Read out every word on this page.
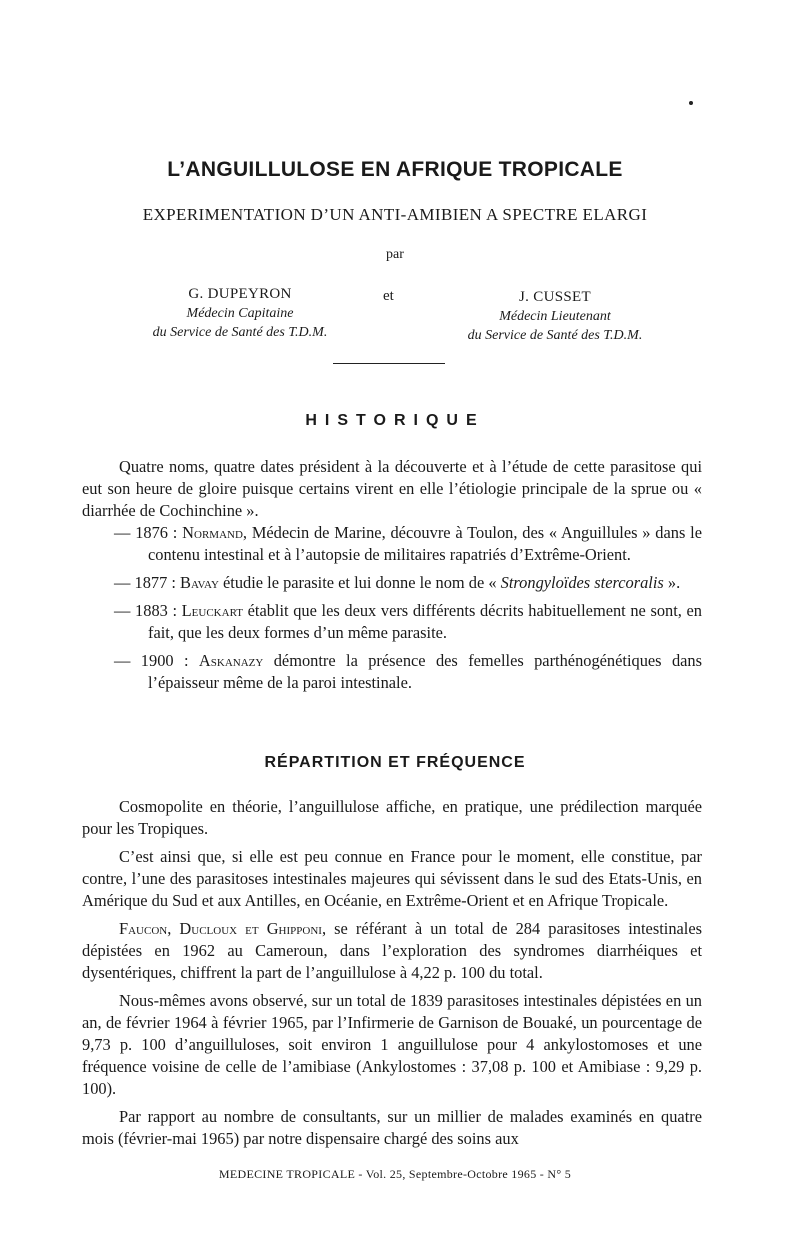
L’ANGUILLULOSE EN AFRIQUE TROPICALE
EXPERIMENTATION D’UN ANTI-AMIBIEN A SPECTRE ELARGI
par
G. DUPEYRON
Médecin Capitaine
du Service de Santé des T.D.M.
et	J. CUSSET
Médecin Lieutenant
du Service de Santé des T.D.M.
HISTORIQUE

Quatre noms, quatre dates président à la découverte et à l’étude de cette parasitose qui eut son heure de gloire puisque certains virent en elle l’étiologie principale de la sprue ou « diarrhée de Cochinchine ».

— 1876 : Normand, Médecin de Marine, découvre à Toulon, des « Anguillules » dans le contenu intestinal et à l’autopsie de militaires rapatriés d’Extrême-Orient.
— 1877 : Bavay étudie le parasite et lui donne le nom de « Strongyloïdes stercoralis ».
— 1883 : Leuckart établit que les deux vers différents décrits habituellement ne sont, en fait, que les deux formes d’un même parasite.
— 1900 : Askanazy démontre la présence des femelles parthénogénétiques dans l’épaisseur même de la paroi intestinale.
RÉPARTITION ET FRÉQUENCE

Cosmopolite en théorie, l’anguillulose affiche, en pratique, une prédilection marquée pour les Tropiques.

C’est ainsi que, si elle est peu connue en France pour le moment, elle constitue, par contre, l’une des parasitoses intestinales majeures qui sévissent dans le sud des Etats-Unis, en Amérique du Sud et aux Antilles, en Océanie, en Extrême-Orient et en Afrique Tropicale.

Faucon, Ducloux et Ghipponi, se référant à un total de 284 parasitoses intestinales dépistées en 1962 au Cameroun, dans l’exploration des syndromes diarrhéiques et dysentériques, chiffrent la part de l’anguillulose à 4,22 p. 100 du total.

Nous-mêmes avons observé, sur un total de 1839 parasitoses intestinales dépistées en un an, de février 1964 à février 1965, par l’Infirmerie de Garnison de Bouaké, un pourcentage de 9,73 p. 100 d’anguilluloses, soit environ 1 anguillulose pour 4 ankylostomoses et une fréquence voisine de celle de l’amibiase (Ankylostomes : 37,08 p. 100 et Amibiase : 9,29 p. 100).

Par rapport au nombre de consultants, sur un millier de malades examinés en quatre mois (février-mai 1965) par notre dispensaire chargé des soins aux

MEDECINE TROPICALE - Vol. 25, Septembre-Octobre 1965 - N° 5
